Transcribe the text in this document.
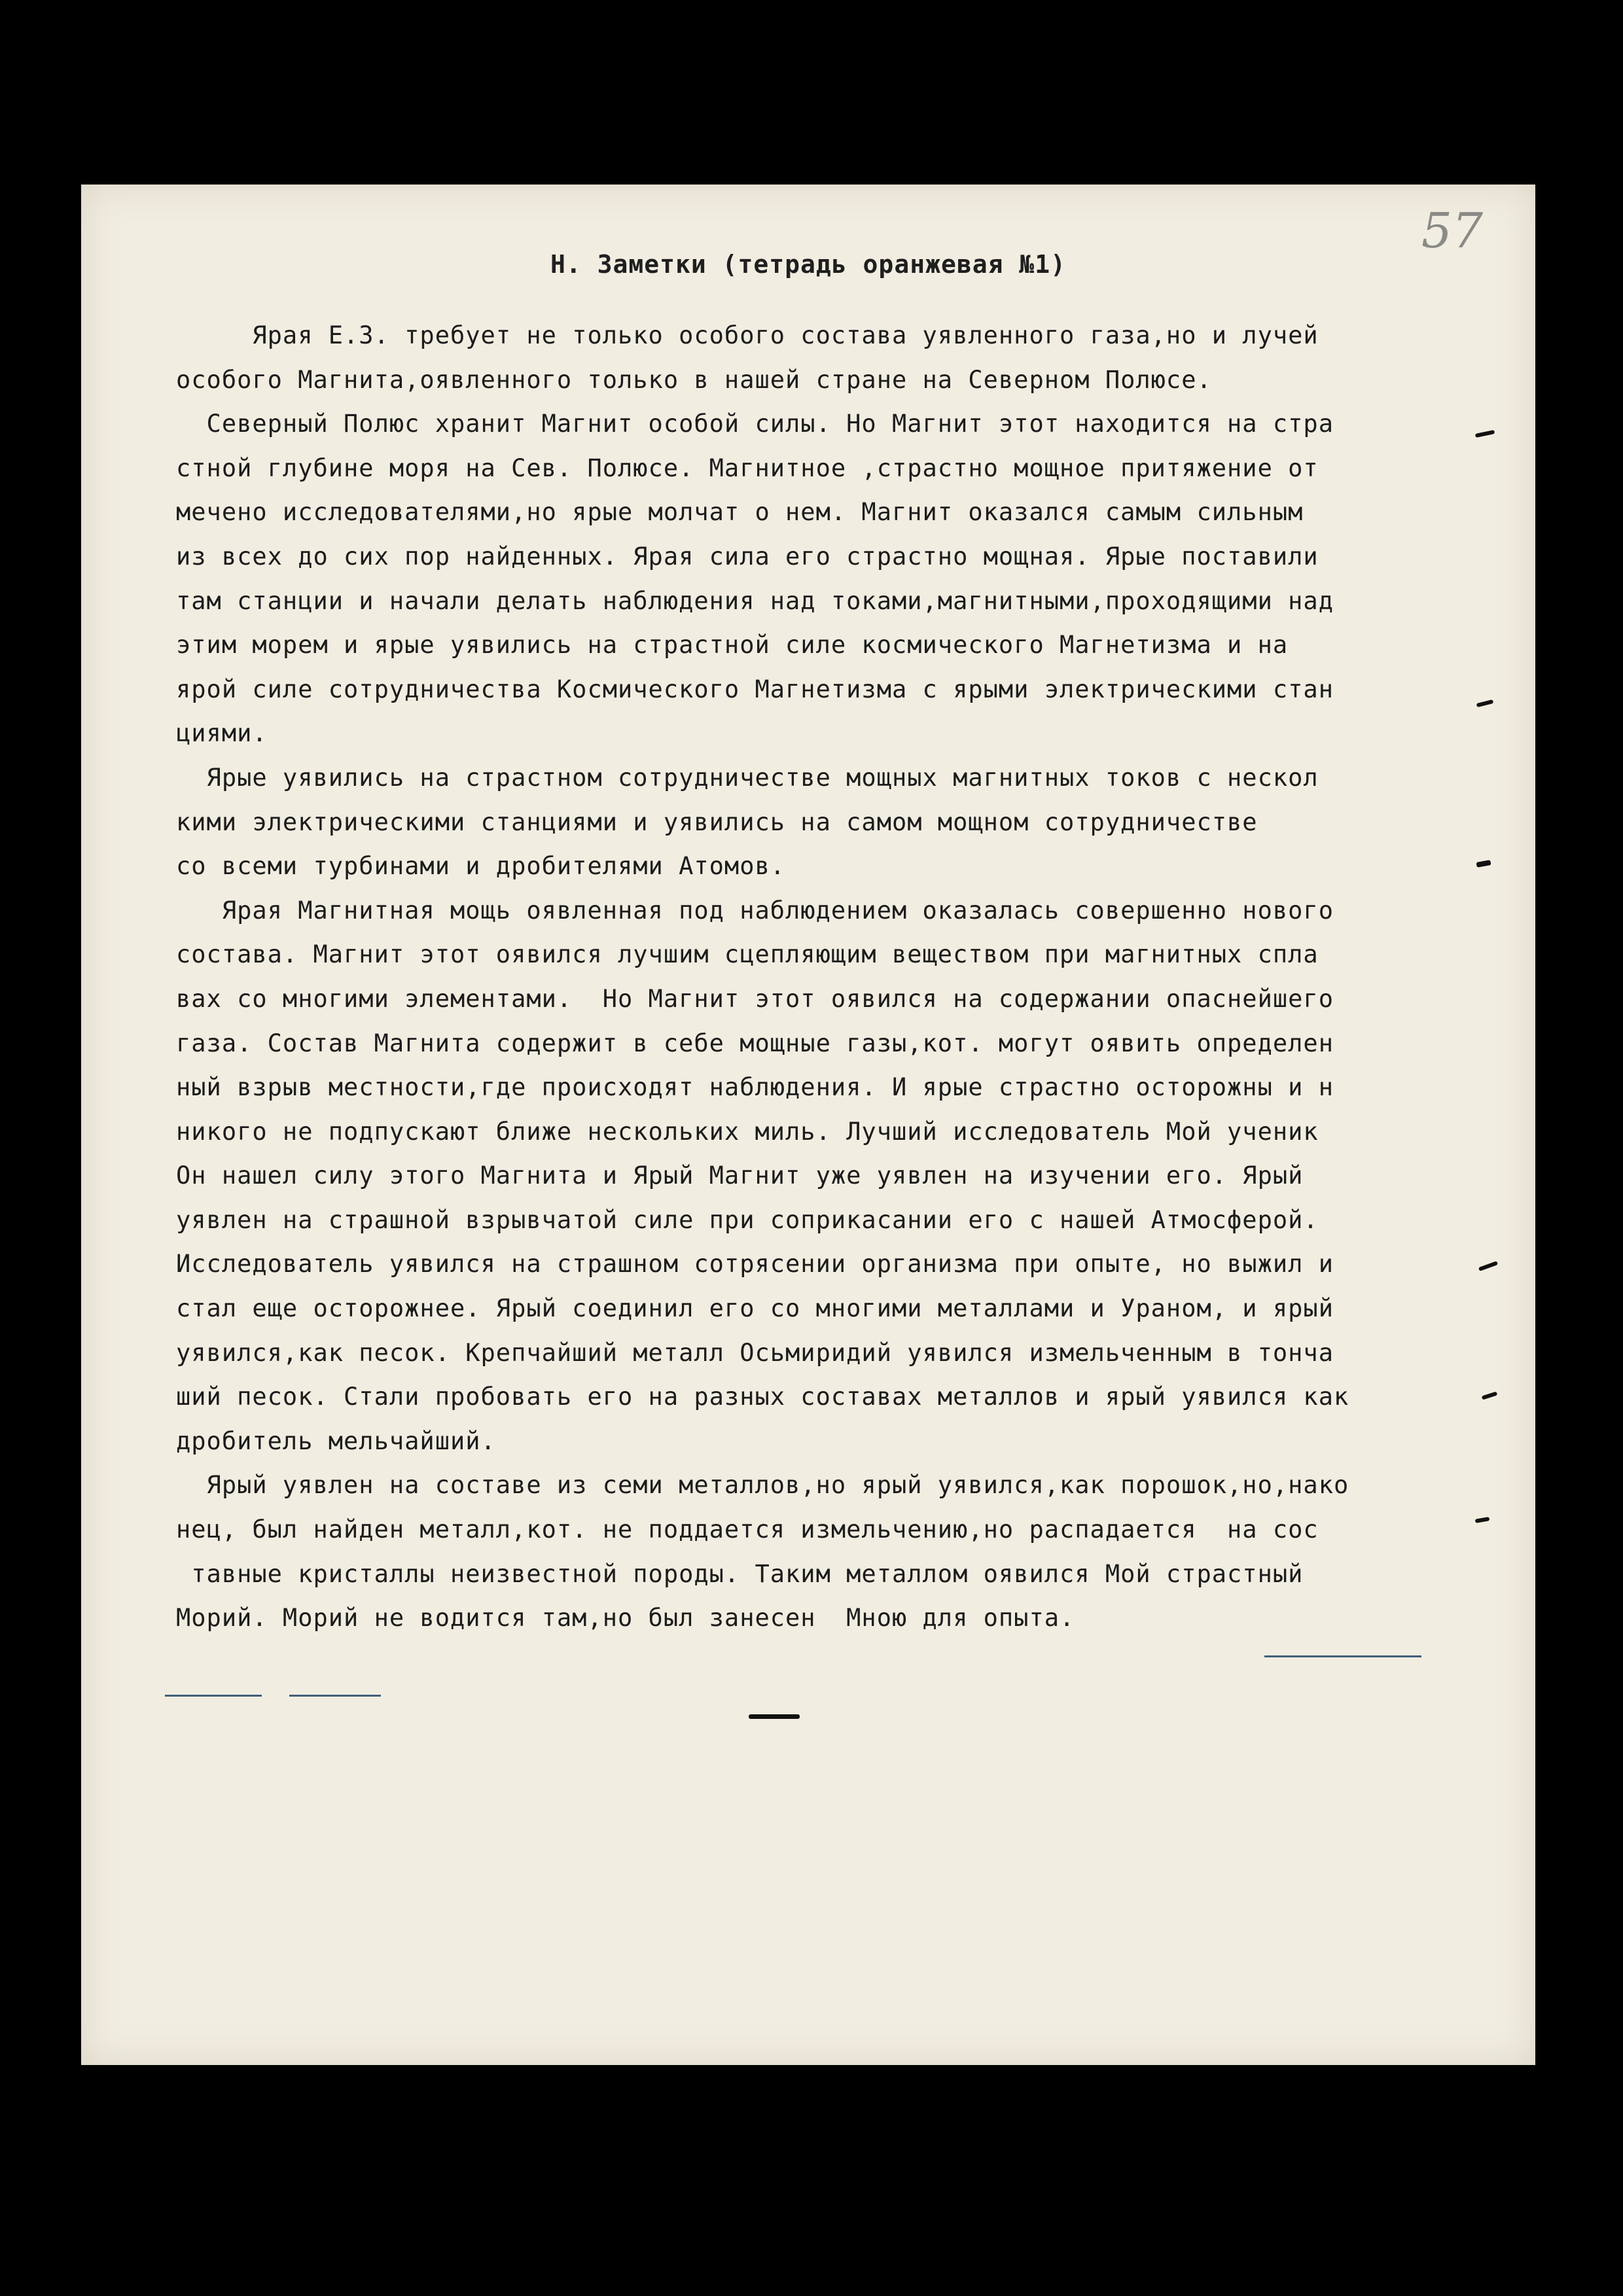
57
Н. Заметки (тетрадь оранжевая №1)
Ярая Е.З. требует не только особого состава уявленного газа,но и лучей
особого Магнита,оявленного только в нашей стране на Северном Полюсе.
Северный Полюс хранит Магнит особой силы. Но Магнит этот находится на стра
стной глубине моря на Сев. Полюсе. Магнитное ,страстно мощное притяжение от
мечено исследователями,но ярые молчат о нем. Магнит оказался самым сильным
из всех до сих пор найденных. Ярая сила его страстно мощная. Ярые поставили
там станции и начали делать наблюдения над токами,магнитными,проходящими над
этим морем и ярые уявились на страстной силе космического Магнетизма и на
ярой силе сотрудничества Космического Магнетизма с ярыми электрическими стан
циями.
Ярые уявились на страстном сотрудничестве мощных магнитных токов с нескол
кими электрическими станциями и уявились на самом мощном сотрудничестве
со всеми турбинами и дробителями Атомов.
Ярая Магнитная мощь оявленная под наблюдением оказалась совершенно нового
состава. Магнит этот оявился лучшим сцепляющим веществом при магнитных спла
вах со многими элементами.  Но Магнит этот оявился на содержании опаснейшего
газа. Состав Магнита содержит в себе мощные газы,кот. могут оявить определен
ный взрыв местности,где происходят наблюдения. И ярые страстно осторожны и н
никого не подпускают ближе нескольких миль. Лучший исследователь Мой ученик
Он нашел силу этого Магнита и Ярый Магнит уже уявлен на изучении его. Ярый
уявлен на страшной взрывчатой силе при соприкасании его с нашей Атмосферой.
Исследователь уявился на страшном сотрясении организма при опыте, но выжил и
стал еще осторожнее. Ярый соединил его со многими металлами и Ураном, и ярый
уявился,как песок. Крепчайший металл Осьмиридий уявился измельченным в тонча
ший песок. Стали пробовать его на разных составах металлов и ярый уявился как
дробитель мельчайший.
Ярый уявлен на составе из семи металлов,но ярый уявился,как порошок,но,нако
нец, был найден металл,кот. не поддается измельчению,но распадается  на сос
тавные кристаллы неизвестной породы. Таким металлом оявился Мой страстный
Морий. Морий не водится там,но был занесен  Мною для опыта.
